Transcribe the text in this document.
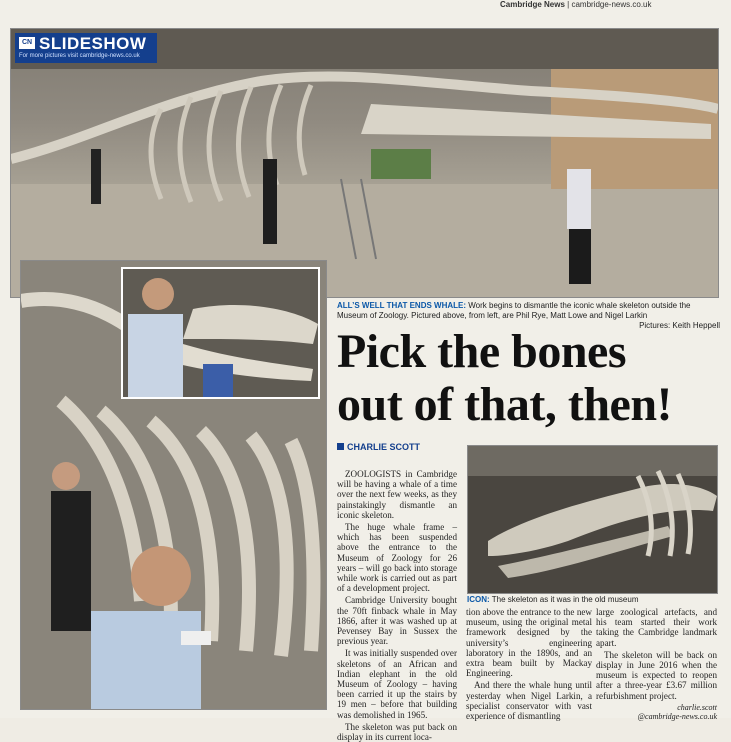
Cambridge News | cambridge-news.co.uk
CN SLIDESHOW
For more pictures visit cambridge-news.co.uk
ALL’S WELL THAT ENDS WHALE: Work begins to dismantle the iconic whale skeleton outside the Museum of Zoology. Pictured above, from left, are Phil Rye, Matt Lowe and Nigel Larkin
Pictures: Keith Heppell
Pick the bones
out of that, then!
CHARLIE SCOTT

ZOOLOGISTS in Cambridge will be having a whale of a time over the next few weeks, as they painstakingly dismantle an iconic skeleton.

The huge whale frame – which has been suspended above the entrance to the Museum of Zoology for 26 years – will go back into storage while work is carried out as part of a development project.

Cambridge University bought the 70ft finback whale in May 1866, after it was washed up at Pevensey Bay in Sussex the previous year.

It was initially suspended over skeletons of an African and Indian elephant in the old Museum of Zoology – having been carried it up the stairs by 19 men – before that building was demolished in 1965.

The skeleton was put back on display in its current loca-

ICON: The skeleton as it was in the old museum

tion above the entrance to the new museum, using the original metal framework designed by the university’s engineering laboratory in the 1890s, and an extra beam built by Mackay Engineering.

And there the whale hung until yesterday when Nigel Larkin, a specialist conservator with vast experience of dismantling

large zoological artefacts, and his team started their work taking the Cambridge landmark apart.

The skeleton will be back on display in June 2016 when the museum is expected to reopen after a three-year £3.67 million refurbishment project.

charlie.scott
@cambridge-news.co.uk
